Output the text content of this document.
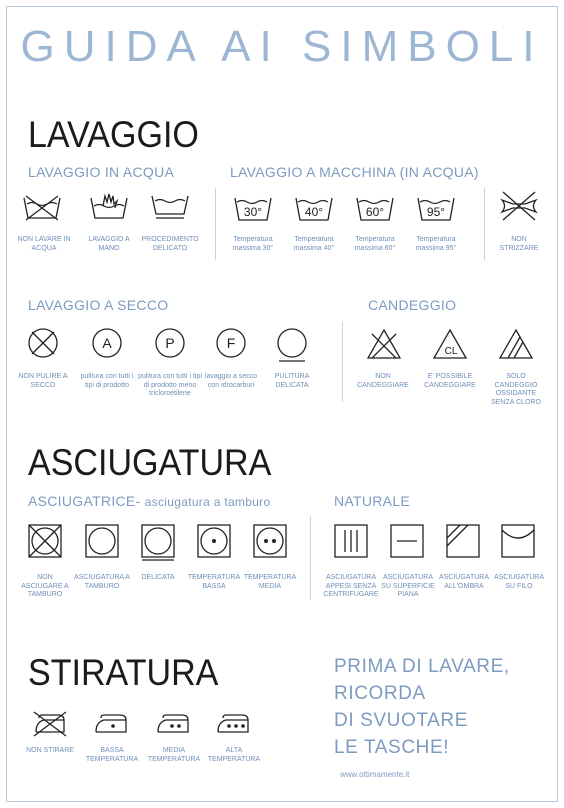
GUIDA AI SIMBOLI
LAVAGGIO
LAVAGGIO IN ACQUA	LAVAGGIO A MACCHINA (IN ACQUA)
NON LAVARE IN ACQUA
LAVAGGIO A MANO
PROCEDIMENTO DELICATO
30°	40°	60°	95°
Temperatura massima 30°
Temperatura massima 40°
Temperatura massima 60°
Temperatura massima 95°
NON STRIZZARE
LAVAGGIO A SECCO	CANDEGGIO
A	P	F
NON PULIRE A SECCO
pulitura con tutti i tipi di prodotto
pulitura con tutti i tipi di prodotto meno tricloroetilene
lavaggio a secco con idrocarburi
PULITURA DELICATA
CL
NON CANDEGGIARE
E' POSSIBILE CANDEGGIARE
SOLO CANDEGGIO OSSIDANTE SENZA CLORO
ASCIUGATURA
ASCIUGATRICE- asciugatura a tamburo	NATURALE
NON ASCIUGARE A TAMBURO
ASCIUGATURA A TAMBURO
DELICATA	TEMPERATURA BASSA
TEMPERATURA MEDIA
ASCIUGATURA APPESI SENZA CENTRIFUGARE
ASCIUGATURA SU SUPERFICIE PIANA
ASCIUGATURA ALL'OMBRA
ASCIUGATURA SU FILO
STIRATURA
NON STIRARE	BASSA TEMPERATURA
MEDIA TEMPERATURA
ALTA TEMPERATURA
PRIMA DI LAVARE,
RICORDA
DI SVUOTARE
LE TASCHE!
www.ottimamente.it
